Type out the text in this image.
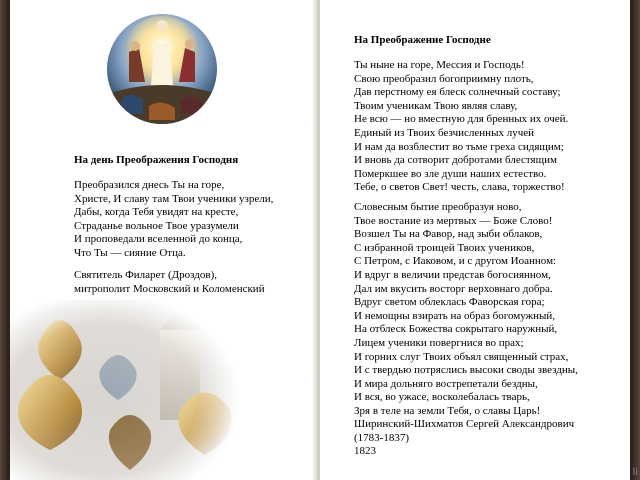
На день Преображения Господня
Преобразился днесь Ты на горе,
Христе, И славу там Твои ученики узрели,
Дабы, когда Тебя увидят на кресте,
Страданье вольное Твое уразумели
И проповедали вселенной до конца,
Что Ты — сияние Отца.
Святитель Филарет (Дроздов),
митрополит Московский и Коломенский
На Преображение Господне
Ты ныне на горе, Мессия и Господь!
Свою преобразил богоприимну плоть,
Дав перстному ея блеск солнечный составу;
Твоим ученикам Твою являя славу,
Не всю — но вместную для бренных их очей.
Единый из Твоих безчисленных лучей
И нам да возблестит во тьме греха сидящим;
И вновь да сотворит добротами блестящим
Померкшее во зле души наших естество.
Тебе, о светов Свет! честь, слава, торжество!
Словесным бытие преобразуя ново,
Твое востание из мертвых — Боже Слово!
Возшел Ты на Фавор, над зыби облаков,
С избранной троицей Твоих учеников,
С Петром, с Иаковом, и с другом Иоанном:
И вдруг в величии представ богосиянном,
Дал им вкусить восторг верховнаго добра.
Вдруг светом облеклась Фаворская гора;
И немощны взирать на образ богомужный,
На отблеск Божества сокрытаго наружный,
Лицем ученики повергнися во прах;
И горних слуг Твоих объял священный страх,
И с твердью потряслись высоки своды звездны,
И мира дольняго вострепетали бездны,
И вся, во ужасе, восколебалась тварь,
Зря в теле на земли Тебя, о славы Царь!
Ширинский-Шихматов Сергей Александрович
(1783-1837)
1823
li
